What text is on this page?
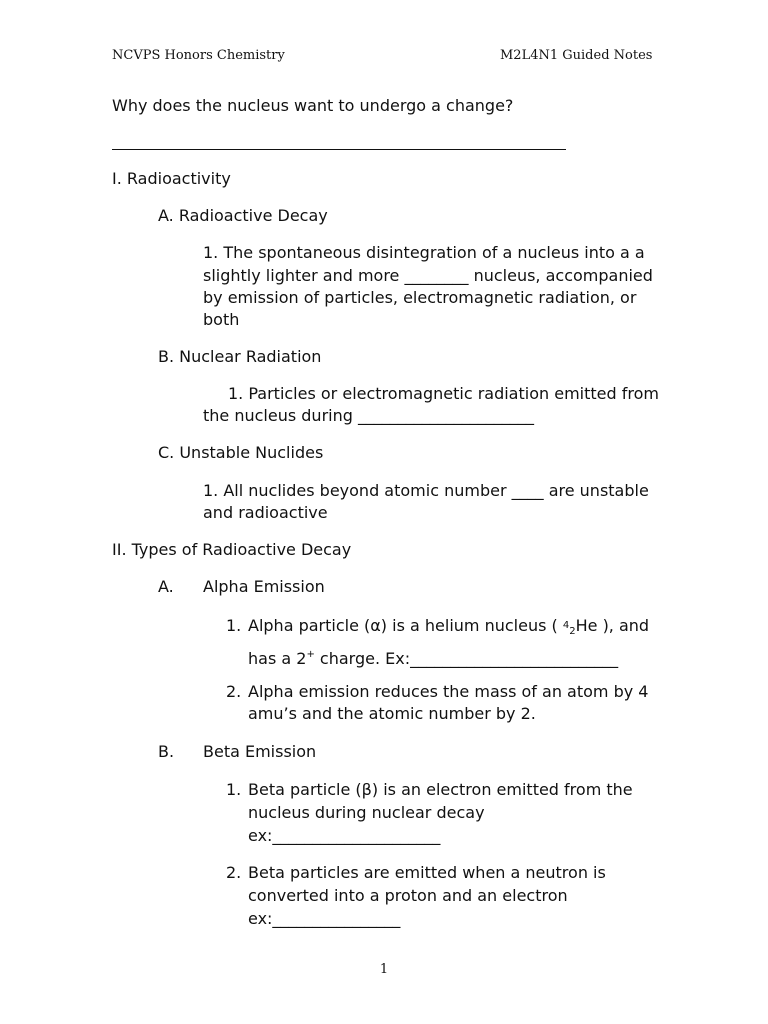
NCVPS Honors Chemistry	M2L4N1 Guided Notes
Why does the nucleus want to undergo a change?
I. Radioactivity
A. Radioactive Decay
1. The spontaneous disintegration of a nucleus into a a
slightly lighter and more ________ nucleus, accompanied
by emission of particles, electromagnetic radiation, or
both
B. Nuclear Radiation
1. Particles or electromagnetic radiation emitted from
the nucleus during ______________________
C. Unstable Nuclides
1. All nuclides beyond atomic number ____ are unstable
and radioactive
II. Types of Radioactive Decay
A. Alpha Emission
1. Alpha particle (α) is a helium nucleus ( $4_2He$ ), and
has a 2+ charge. Ex:__________________________
2. Alpha emission reduces the mass of an atom by 4
amu’s and the atomic number by 2.
B. Beta Emission
1. Beta particle (β) is an electron emitted from the
nucleus during nuclear decay
ex:_____________________
2. Beta particles are emitted when a neutron is
converted into a proton and an electron
ex:________________
1
